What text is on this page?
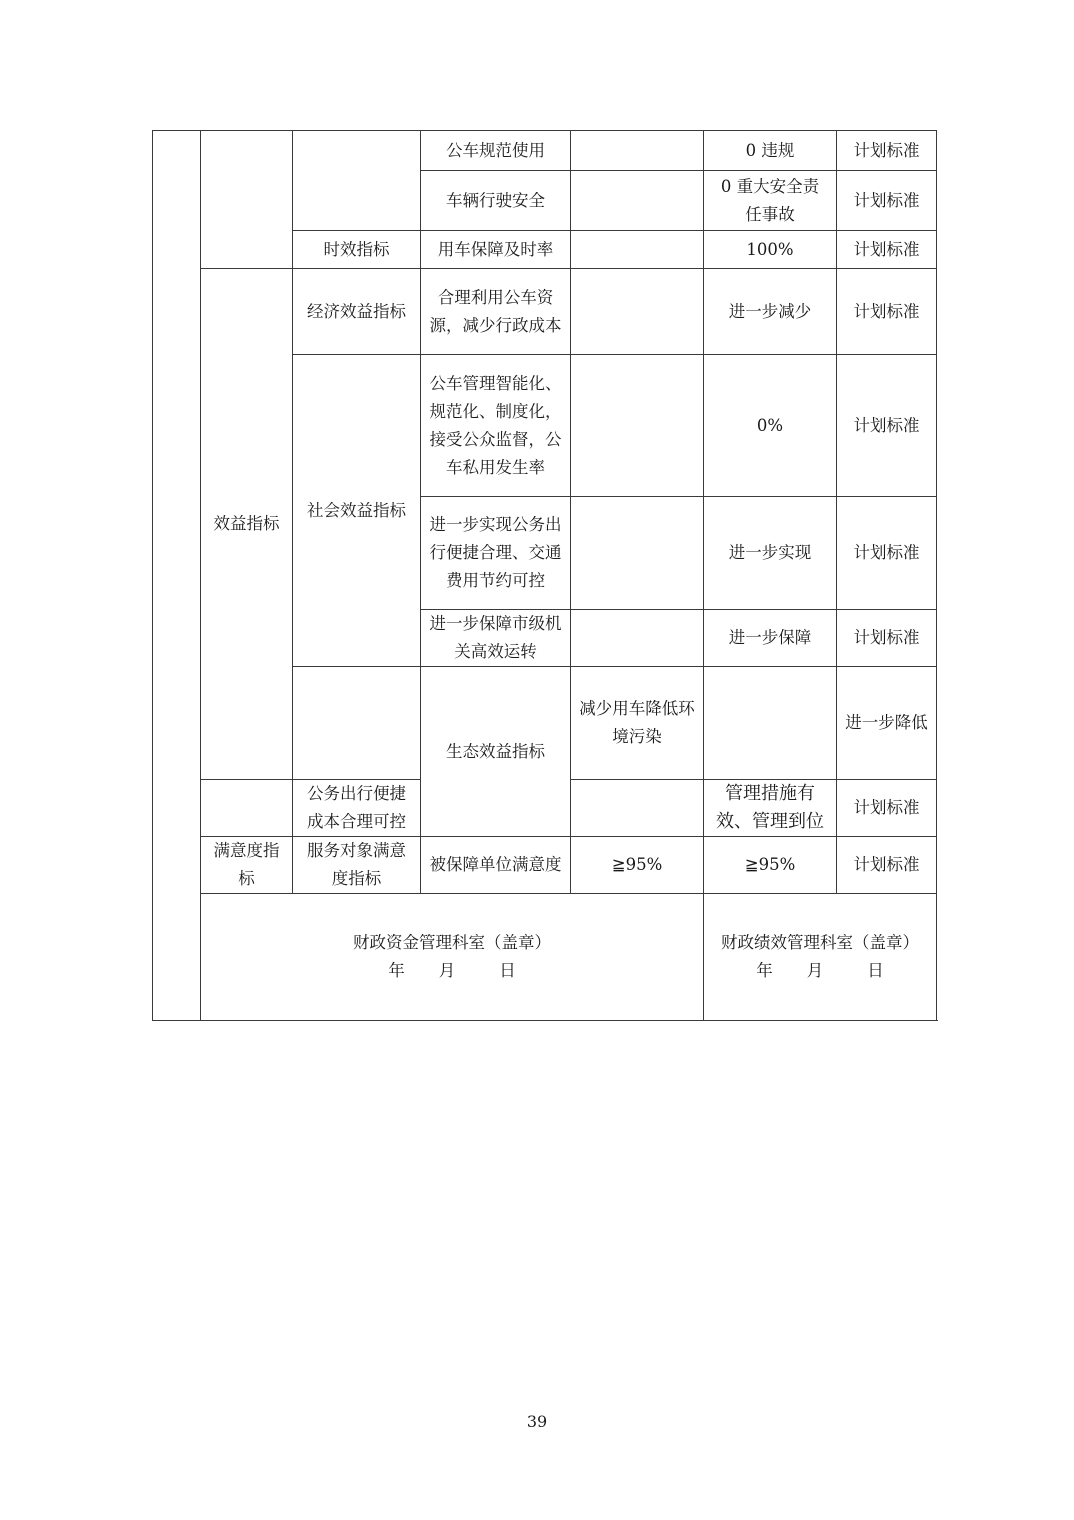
			公车规范使用		0 违规	计划标准	
			车辆行驶安全		0 重大安全责任事故	计划标准	
		时效指标	用车保障及时率		100%	计划标准	
	效益指标	经济效益指标	合理利用公车资源，减少行政成本		进一步减少	计划标准	
		社会效益指标	公车管理智能化、规范化、制度化，接受公众监督，公车私用发生率		0%	计划标准	
			进一步实现公务出行便捷合理、交通费用节约可控		进一步实现	计划标准	
			进一步保障市级机关高效运转		进一步保障	计划标准	
			生态效益指标	减少用车降低环境污染		进一步降低	
		公务出行便捷成本合理可控			管理措施有效、管理到位	计划标准	
	满意度指标	服务对象满意度指标	被保障单位满意度	≧95%	≧95%	计划标准	

	财政资金管理科室（盖章）
年 月 日				财政绩效管理科室（盖章）
年 月 日		
39
